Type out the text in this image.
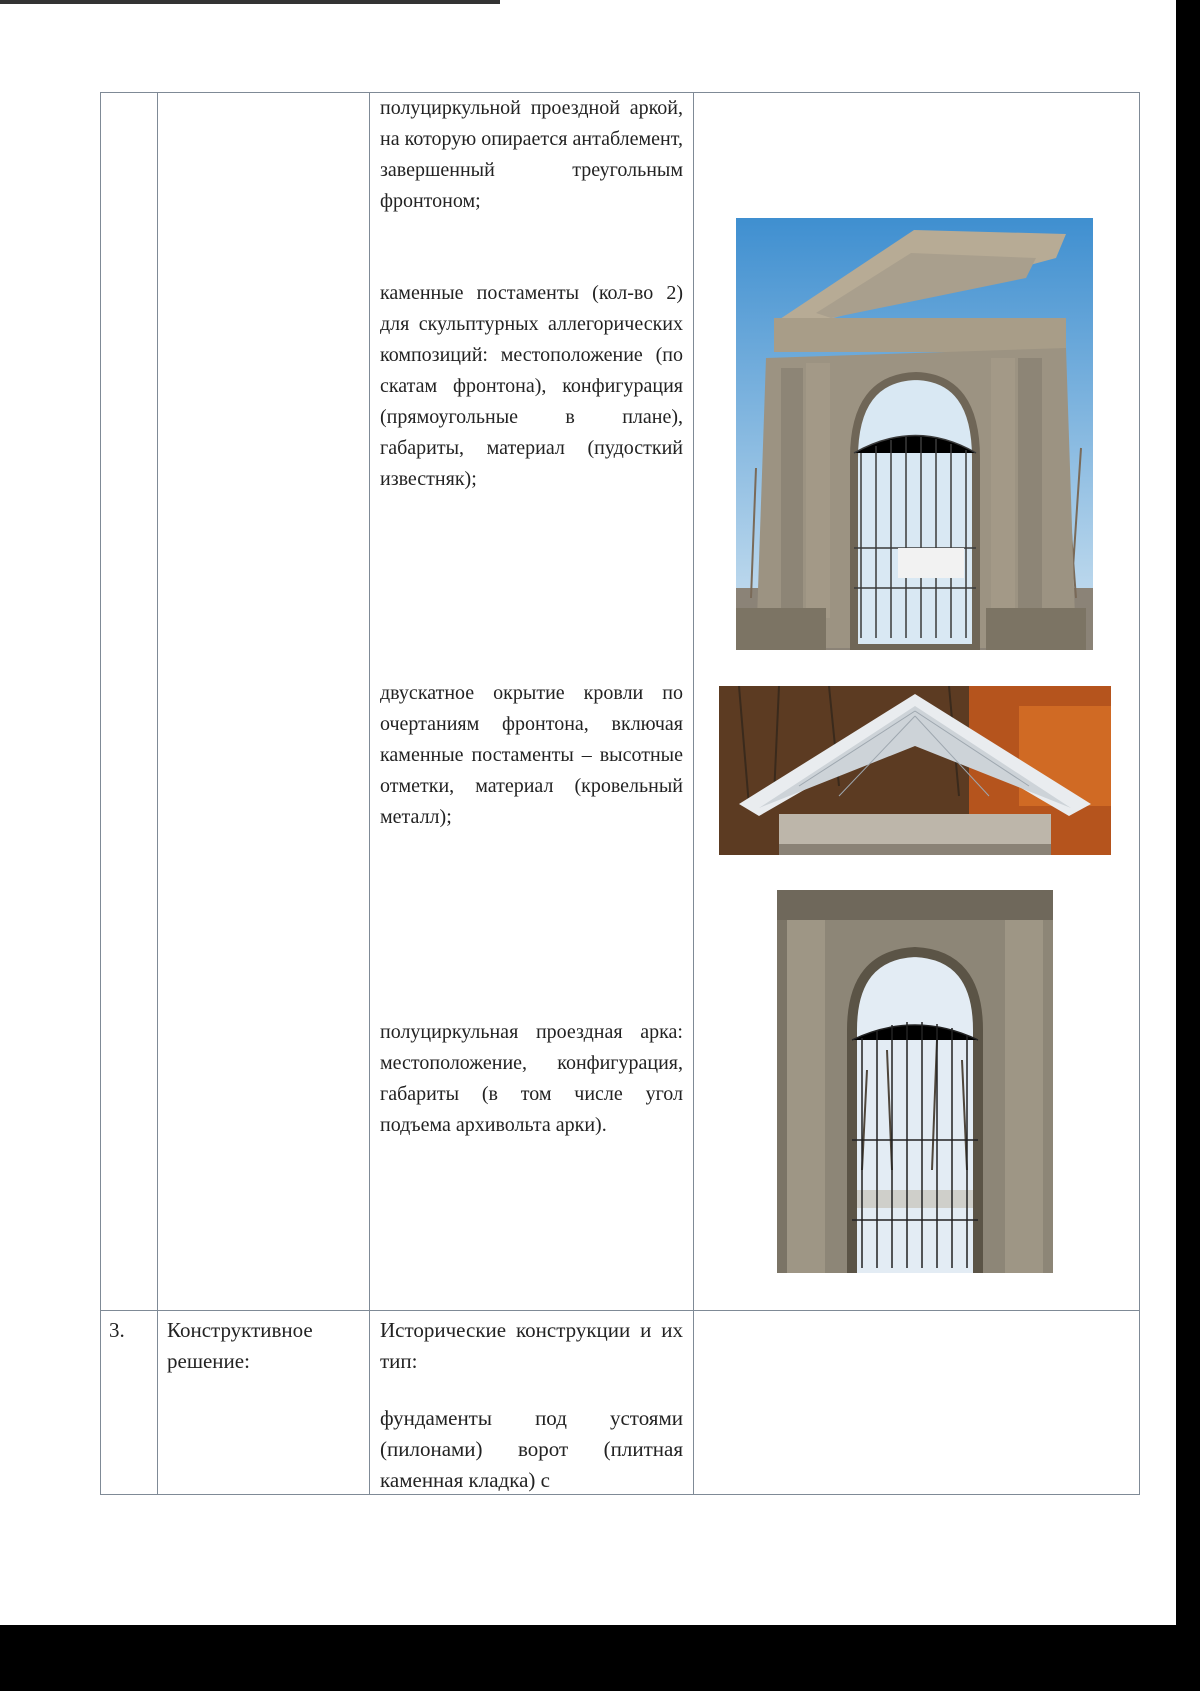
полуциркульной проездной аркой, на которую опирается антаблемент, завершенный треугольным фронтоном;

каменные постаменты (кол-во 2) для скульптурных аллегорических композиций: местоположение (по скатам фронтона), конфигурация (прямоугольные в плане), габариты, материал (пудосткий известняк);

двускатное окрытие кровли по очертаниям фронтона, включая каменные постаменты – высотные отметки, материал (кровельный металл);

полуциркульная проездная арка: местоположение, конфигурация, габариты (в том числе угол подъема архивольта арки).

3. Конструктивное решение:

Исторические конструкции и их тип:

фундаменты под устоями (пилонами) ворот (плитная каменная кладка) с
